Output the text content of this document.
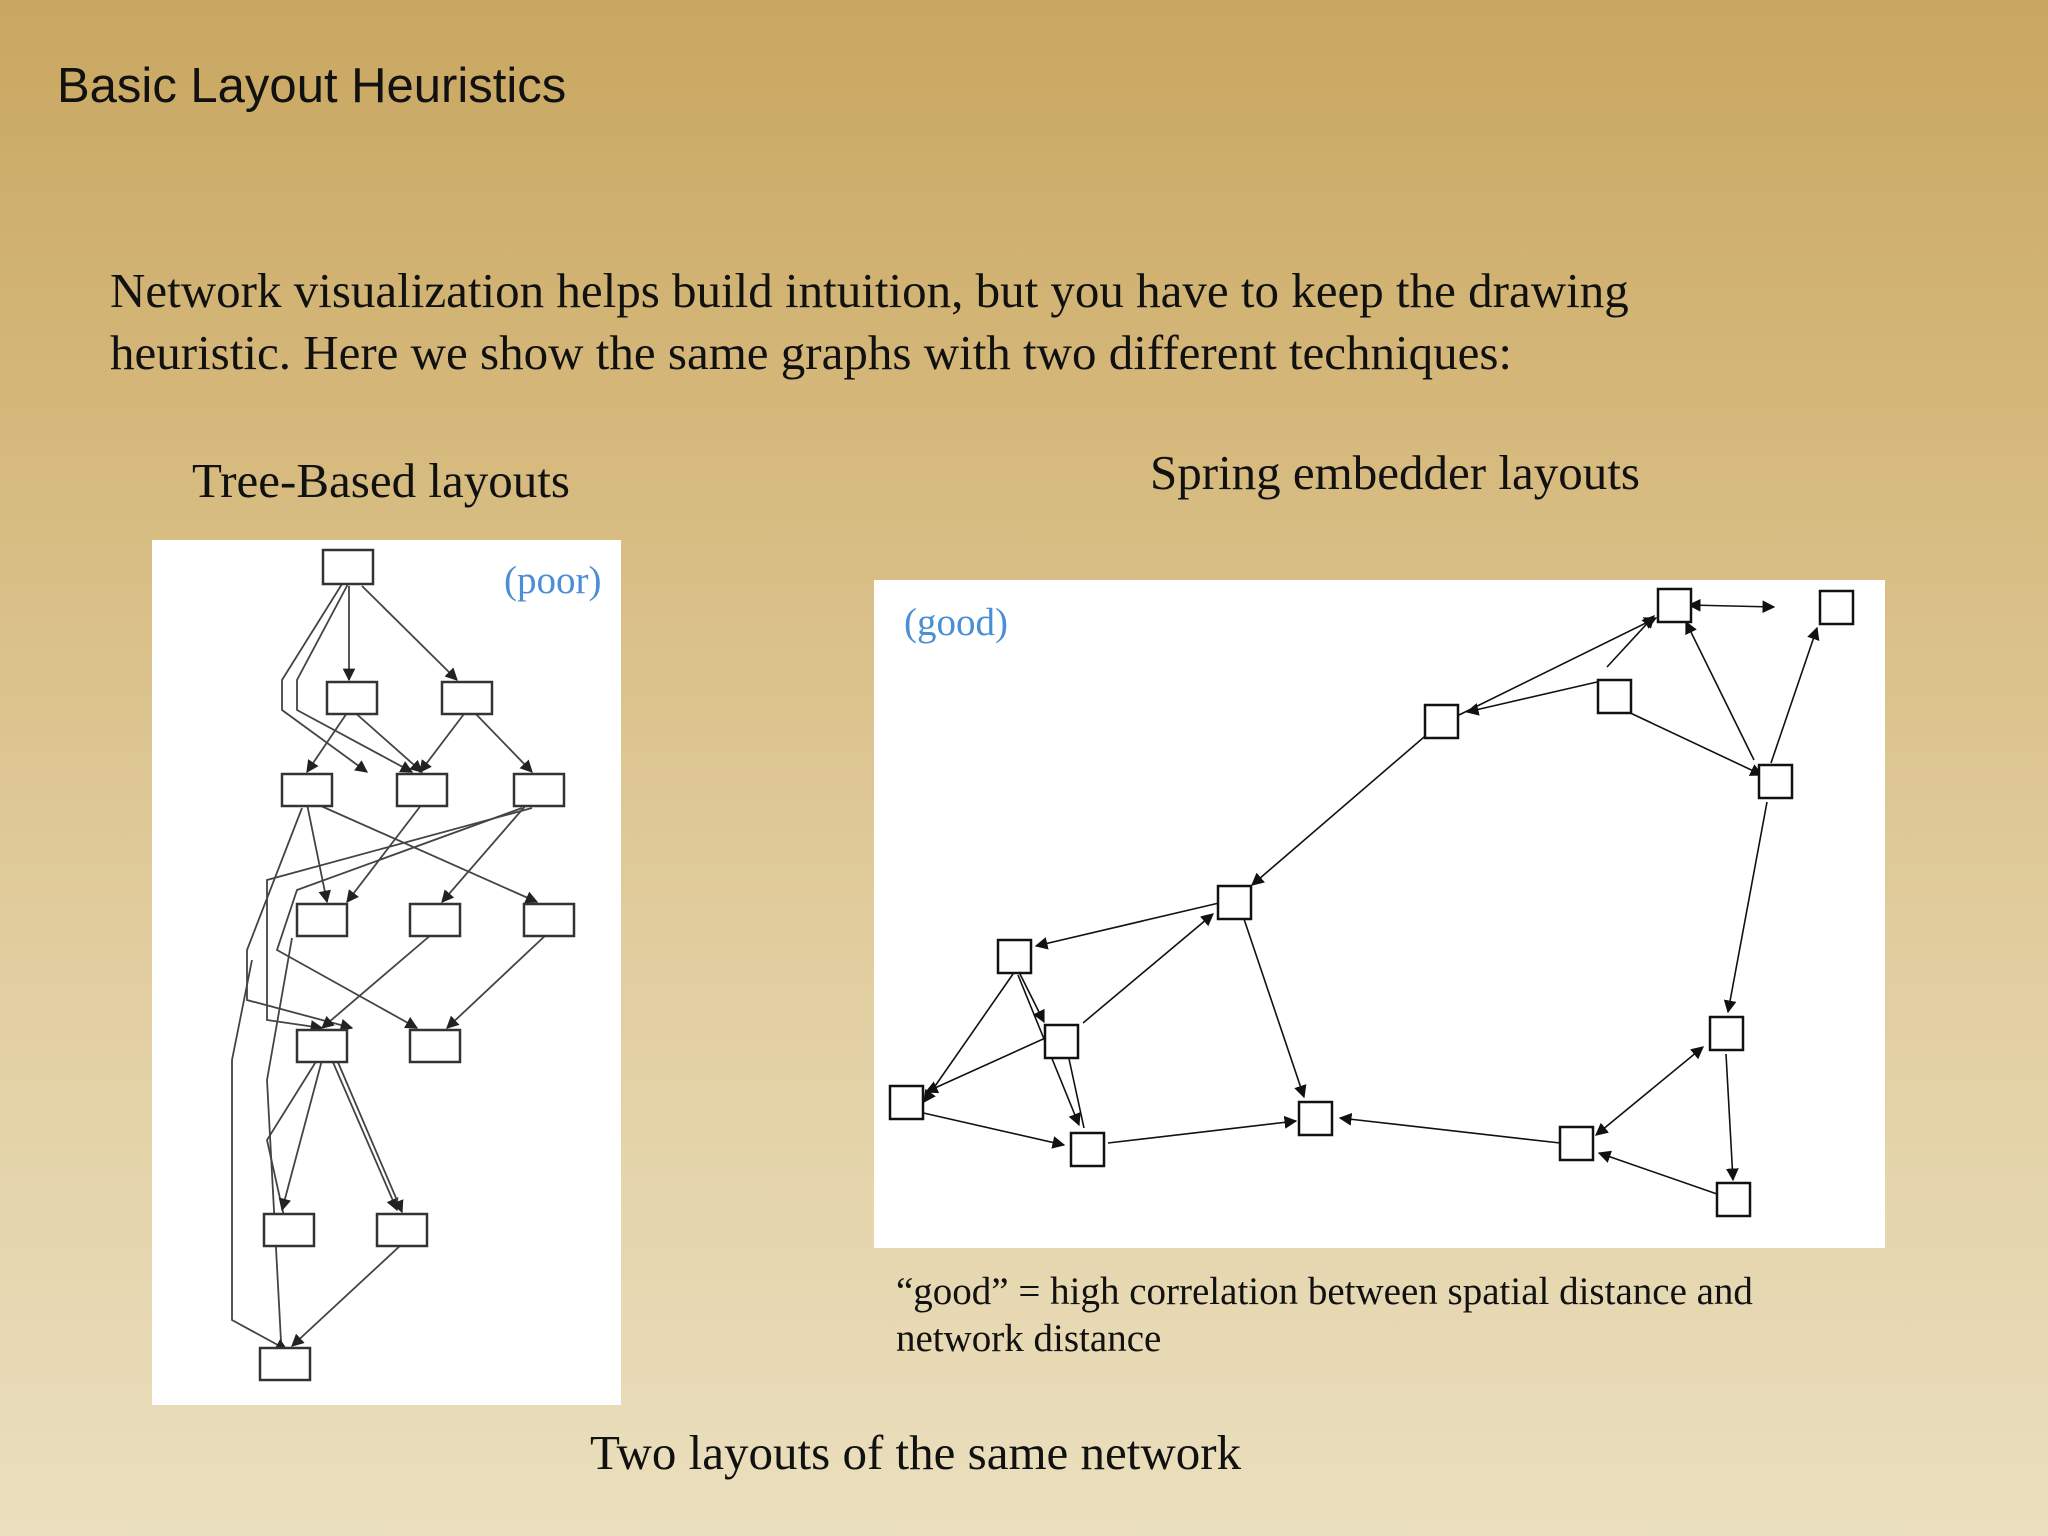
Basic Layout Heuristics
Network visualization helps build intuition, but you have to keep the drawing
heuristic. Here we show the same graphs with two different techniques:
Tree-Based layouts	Spring embedder layouts
(poor)
(good)
“good” = high correlation between spatial distance and
network distance
Two layouts of the same network
